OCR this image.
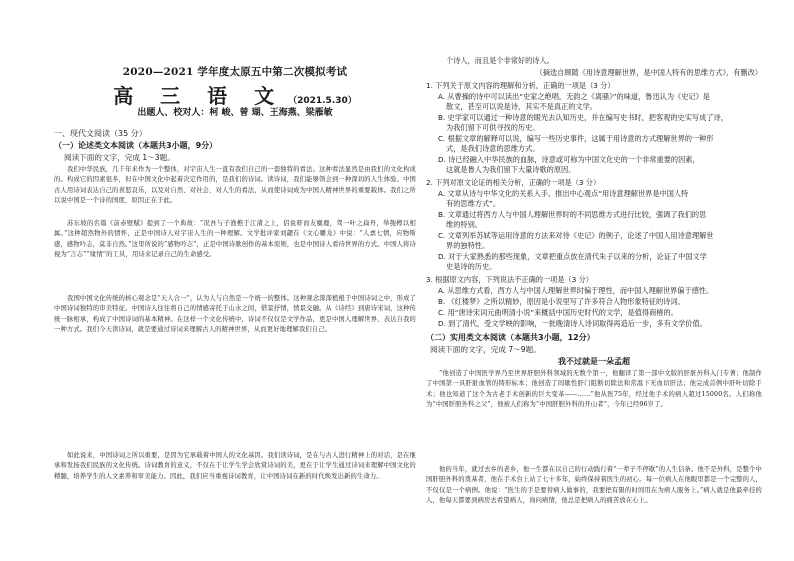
2020—2021 学年度太原五中第二次模拟考试
高 三 语 文 （2021.5.30）
出题人、校对人：柯 峻、曾 瑚、王海燕、梁雁敏
一、现代文阅读（35 分）
（一）论述类文本阅读（本题共3小题，9分）
阅读下面的文字，完成 1～3题。
我们中华民族，几千年来作为一个整体，对宇宙人生一直有我们自己的一套独特的看法。这种看法显然是由我们的文化构成的。构成它的因素很多，但在中国文化中起着决定作用的，是我们的诗词。读诗词，我们能够领会到一种深切的人生体验。中国古人用诗词表达自己的喜怒哀乐，以及对自然、对社会、对人生的看法，从而使诗词成为中国人精神世界的重要载体。我们之所以说中国是一个诗的国度，原因正在于此。
苏东坡的名篇《前赤壁赋》提到了一个典故：“况吾与子渔樵于江渚之上，侣鱼虾而友麋鹿，驾一叶之扁舟，举匏樽以相属。”这种超然物外的情怀，正是中国诗人对宇宙人生的一种理解。文学批评家刘勰在《文心雕龙》中说：“人禀七情，应物斯感，感物吟志，莫非自然。”这里所说的“感物吟志”，正是中国诗歌创作的基本原则，也是中国诗人看待世界的方式。中国人将诗视为“言志”“缘情”的工具，用诗来记录自己的生命感受。
我国中国文化传统的核心观念是“天人合一”，认为人与自然是一个统一的整体。这种观念深深植根于中国诗词之中，形成了中国诗词独特的审美特征。中国诗人往往将自己的情感寄托于山水之间，借景抒情，情景交融。从《诗经》到唐诗宋词，这种传统一脉相承，构成了中国诗词的基本精神。在这样一个文化传统中，诗词不仅仅是文学作品，更是中国人理解世界、表达自我的一种方式。我们今天读诗词，就是要通过诗词来理解古人的精神世界，从而更好地理解我们自己。
如此说来，中国诗词之所以重要，是因为它承载着中国人的文化基因。我们读诗词，是在与古人进行精神上的对话，是在继承和发扬我们民族的文化传统。诗词教育的意义，不仅在于让学生学会欣赏诗词的美，更在于让学生通过诗词来理解中国文化的精髓，培养学生的人文素养和审美能力。因此，我们应当重视诗词教育，让中国诗词在新的时代焕发出新的生命力。
个诗人，而且是个非常好的诗人。
（摘选自顾随《用诗意理解世界，是中国人特有的思维方式》，有删改）
1. 下列关于原文内容的理解和分析，正确的一项是（3 分）
A. 从曹操的诗中可以读出“史家之绝唱，无韵之《离骚》”的味道，鲁迅认为《史记》是
散文，甚至可以说是诗，其实不是真正的文学。
B. 史学家可以通过一种诗意的眼光去认知历史，并在编写史书时，把客观的史实写成了诗，
为我们留下可供寻找的历史。
C. 根据文章的解释可以说，编写一些历史事件，这属于用诗意的方式理解世界的一种形
式，是我们诗意的思维方式。
D. 诗已经融入中华民族的血脉，诗意或可称为中国文化史的一个非常重要的因素，
这就是鲁人为我们留下大量诗歌的原因。
2. 下列对原文论证的相关分析，正确的一项是（3 分）
A. 文章从诗与中华文化的关系入手，推出中心观点“用诗意理解世界是中国人特
有的思维方式”。
B. 文章通过将西方人与中国人理解世界时的不同思维方式进行比较，强调了我们的思
维的特别。
C. 文章列举苏轼等运用诗意的方法来对待《史记》的例子，论述了中国人用诗意理解世
界的独特性。
D. 对于大家熟悉的那些现象，文章把重点放在清代朱子以来的分析，论证了中国文学
史是诗的历史。
3. 根据原文内容，下列说法不正确的一项是（3 分）
A. 从思维方式看，西方人与中国人理解世界时偏于理性，而中国人理解世界偏于感性。
B. 《红楼梦》之所以精妙，原因是小说里写了许多符合人物形象特征的诗词。
C. 用“唐诗宋词元曲明清小说”来概括中国历史时代的文学，是值得商榷的。
D. 到了清代，受文学映的影响，一批晚清诗人诗词取得再造后一步，多有文学价值。
（二）实用类文本阅读（本题共3小题，12分）
阅读下面的文字，完成 7～9题。
我不过就是一朵孟超
“他创造了中国医学界乃至世界肝胆外科领域的无数个第一，他翻译了第一部中文版的肝脏外科入门专著；他制作了中国第一具肝脏血管的铸形标本；他创造了间歇性肝门阻断切除法和常温下无血切肝法；他完成首例中肝叶切除手术；他也知道了这个为古老手术创新的巨大变革——……”他从医75年，经过他手术的病人超过15000名。人们称他为“中国肝胆外科之父”，他被人们称为“中国肝胆外科的开山者”，今年已经96岁了。
他的当年，就过去乡的老乡，他一生都在以自己的行动践行着“一辈子不停歇”的人生信条。他不是外科，是整个中国肝胆外科的奠基者，他在手术台上站了七十多年，始终保持着医生的初心。每一位病人在他眼里都是一个完整的人，不仅仅是一个病例。他说：“医生的手是要替病人做事的，我要把有限的时间用在为病人服务上。”病人就是他最牵挂的人，他每天都要到病房去看望病人，询问病情，他总是把病人的痛苦放在心上。
